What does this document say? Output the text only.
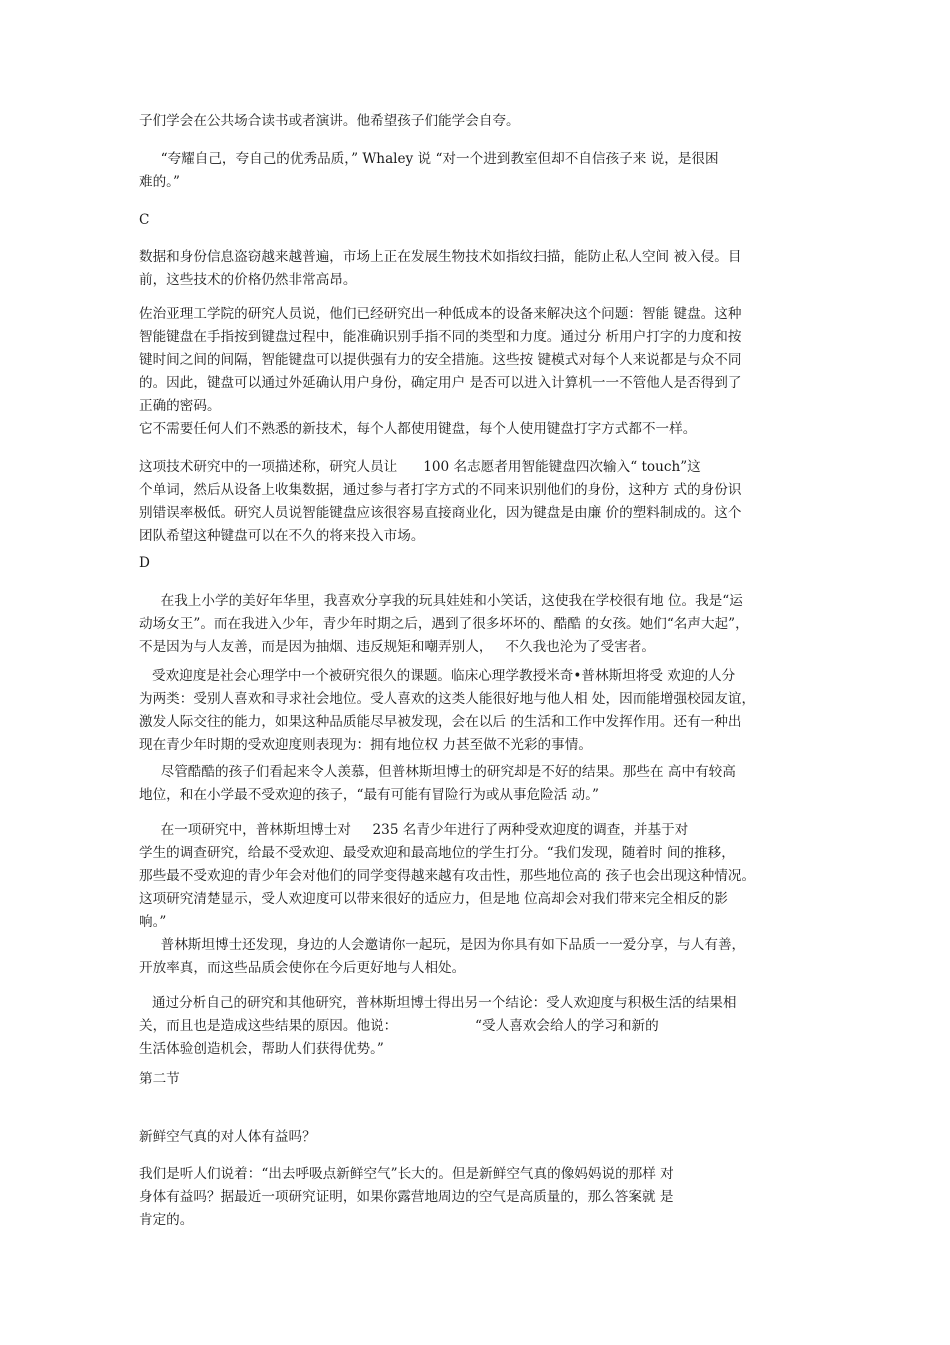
子们学会在公共场合读书或者演讲。他希望孩子们能学会自夸。
“夸耀自己，夸自己的优秀品质，” Whaley 说 “对一个进到教室但却不自信孩子来 说，是很困
难的。”
C
数据和身份信息盗窃越来越普遍，市场上正在发展生物技术如指纹扫描，能防止私人空间 被入侵。目
前，这些技术的价格仍然非常高昂。
佐治亚理工学院的研究人员说，他们已经研究出一种低成本的设备来解决这个问题：智能 键盘。这种
智能键盘在手指按到键盘过程中，能准确识别手指不同的类型和力度。通过分 析用户打字的力度和按
键时间之间的间隔，智能键盘可以提供强有力的安全措施。这些按 键模式对每个人来说都是与众不同
的。因此，键盘可以通过外延确认用户身份，确定用户 是否可以进入计算机一一不管他人是否得到了
正确的密码。
它不需要任何人们不熟悉的新技术，每个人都使用键盘，每个人使用键盘打字方式都不一样。
这项技术研究中的一项描述称，研究人员让      100 名志愿者用智能键盘四次输入“ touch”这
个单词，然后从设备上收集数据，通过参与者打字方式的不同来识别他们的身份，这种方 式的身份识
别错误率极低。研究人员说智能键盘应该很容易直接商业化，因为键盘是由廉 价的塑料制成的。这个
团队希望这种键盘可以在不久的将来投入市场。
D
在我上小学的美好年华里，我喜欢分享我的玩具娃娃和小笑话，这使我在学校很有地 位。我是“运
动场女王”。而在我进入少年，青少年时期之后，遇到了很多坏坏的、酷酷 的女孩。她们“名声大起”，
不是因为与人友善，而是因为抽烟、违反规矩和嘲弄别人，   不久我也沦为了受害者。
受欢迎度是社会心理学中一个被研究很久的课题。临床心理学教授米奇•普林斯坦将受 欢迎的人分
为两类：受别人喜欢和寻求社会地位。受人喜欢的这类人能很好地与他人相 处，因而能增强校园友谊，
激发人际交往的能力，如果这种品质能尽早被发现，会在以后 的生活和工作中发挥作用。还有一种出
现在青少年时期的受欢迎度则表现为：拥有地位权 力甚至做不光彩的事情。
尽管酷酷的孩子们看起来令人羡慕，但普林斯坦博士的研究却是不好的结果。那些在 高中有较高
地位，和在小学最不受欢迎的孩子，“最有可能有冒险行为或从事危险活 动。”
在一项研究中，普林斯坦博士对     235 名青少年进行了两种受欢迎度的调查，并基于对
学生的调查研究，给最不受欢迎、最受欢迎和最高地位的学生打分。“我们发现，随着时 间的推移，
那些最不受欢迎的青少年会对他们的同学变得越来越有攻击性，那些地位高的 孩子也会出现这种情况。
这项研究清楚显示，受人欢迎度可以带来很好的适应力，但是地 位高却会对我们带来完全相反的影
响。”
普林斯坦博士还发现，身边的人会邀请你一起玩，是因为你具有如下品质一一爱分享，与人有善，
开放率真，而这些品质会使你在今后更好地与人相处。
通过分析自己的研究和其他研究，普林斯坦博士得出另一个结论：受人欢迎度与积极生活的结果相
关，而且也是造成这些结果的原因。他说：                  “受人喜欢会给人的学习和新的
生活体验创造机会，帮助人们获得优势。”
第二节
新鲜空气真的对人体有益吗？
我们是听人们说着：“出去呼吸点新鲜空气”长大的。但是新鲜空气真的像妈妈说的那样 对
身体有益吗？据最近一项研究证明，如果你露营地周边的空气是高质量的，那么答案就 是
肯定的。
